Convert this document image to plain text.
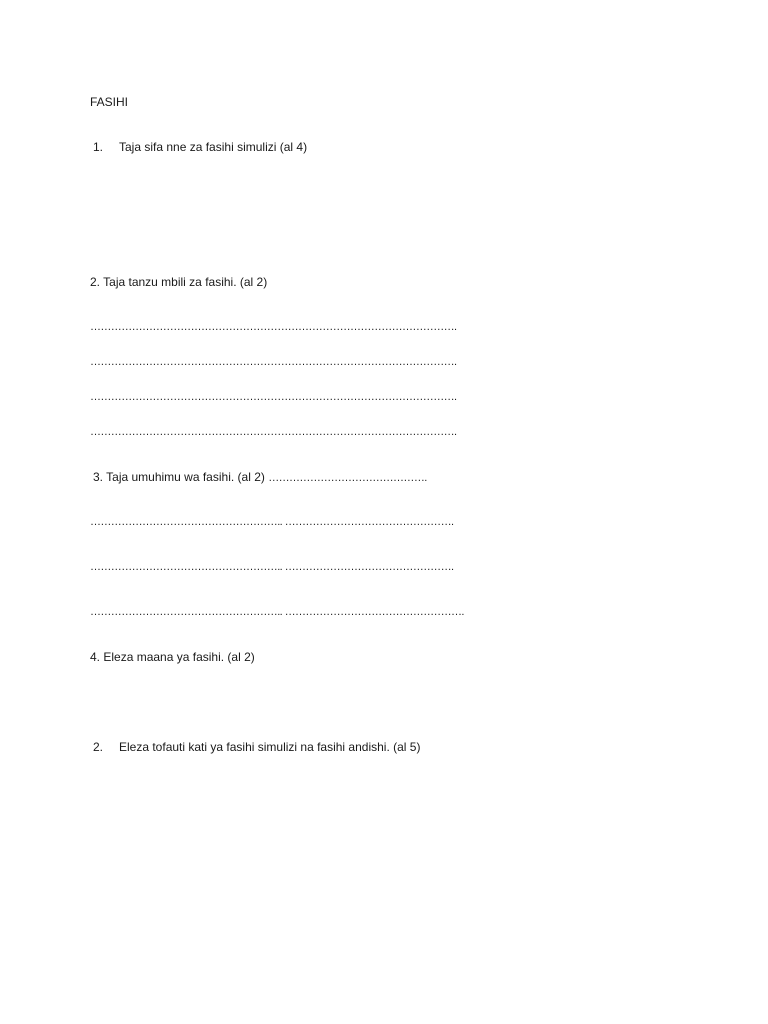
FASIHI
1. Taja sifa nne za fasihi simulizi (al 4)
2. Taja tanzu mbili za fasihi. (al 2)
…………………………………………………………………………………………….
…………………………………………………………………………………………….
…………………………………………………………………………………………….
…………………………………………………………………………………………….
3. Taja umuhimu wa fasihi. (al 2) ……………………………………….
……………………………………………….. ………………………………………….
……………………………………………….. ………………………………………….
……………………………………………….. …………………………………………….
4. Eleza maana ya fasihi. (al 2)
2. Eleza tofauti kati ya fasihi simulizi na fasihi andishi. (al 5)
